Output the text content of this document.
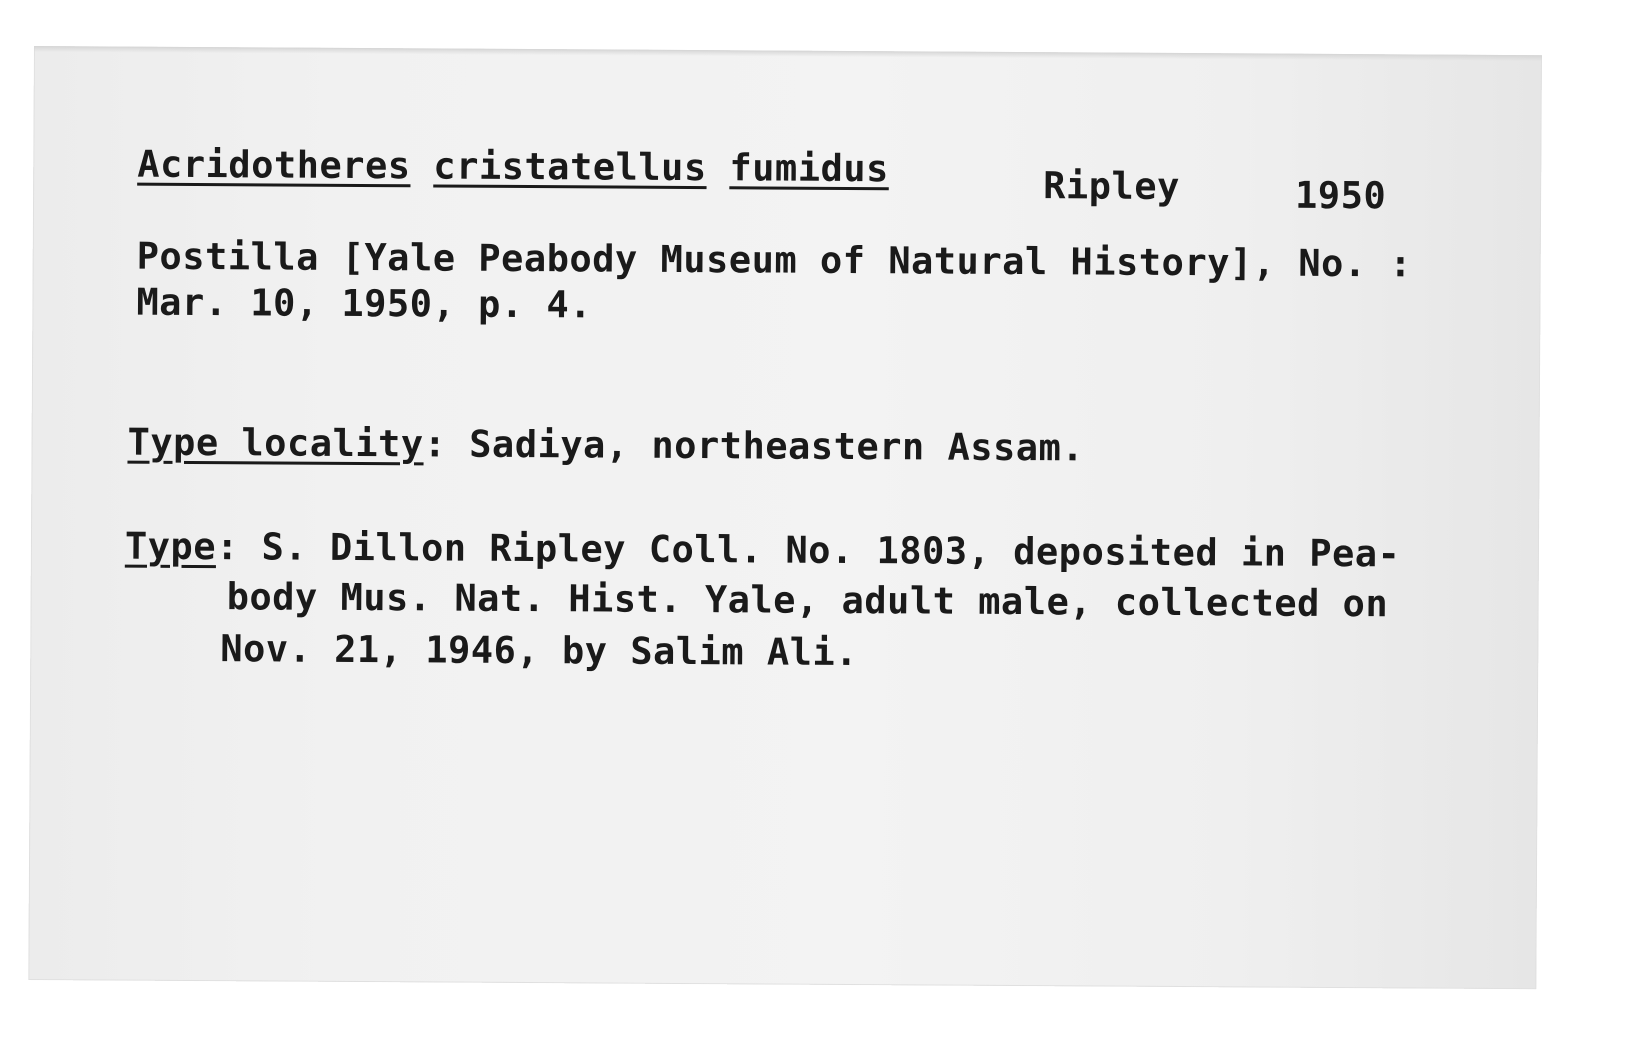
Acridotheres cristatellus fumidus	Ripley	1950
Postilla [Yale Peabody Museum of Natural History], No. :
Mar. 10, 1950, p. 4.
Type locality: Sadiya, northeastern Assam.
Type: S. Dillon Ripley Coll. No. 1803, deposited in Pea-
body Mus. Nat. Hist. Yale, adult male, collected on
Nov. 21, 1946, by Salim Ali.
